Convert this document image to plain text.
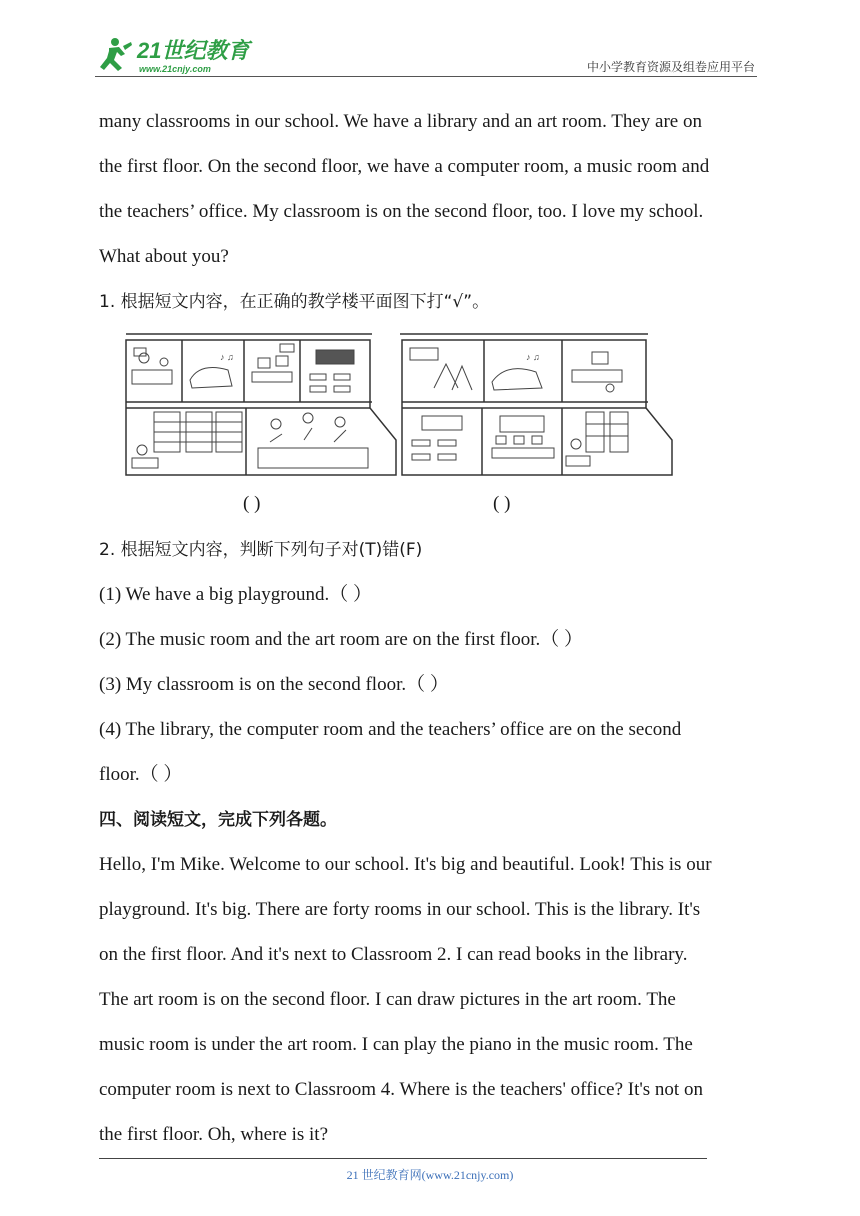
21世纪教育
www.21cnjy.com	中小学教育资源及组卷应用平台
many classrooms in our school. We have a library and an art room. They are on
the first floor. On the second floor, we have a computer room, a music room and
the teachers’ office. My classroom is on the second floor, too. I love my school.
What about you?
1. 根据短文内容，在正确的教学楼平面图下打“√”。
♪ ♫	♪ ♫
( )	( )
2. 根据短文内容，判断下列句子对(T)错(F)
(1) We have a big playground.（ ）
(2) The music room and the art room are on the first floor.（ ）
(3) My classroom is on the second floor.（ ）
(4) The library, the computer room and the teachers’ office are on the second
floor.（ ）
四、阅读短文，完成下列各题。
Hello, I'm Mike. Welcome to our school. It's big and beautiful. Look! This is our
playground. It's big. There are forty rooms in our school. This is the library. It's
on the first floor. And it's next to Classroom 2. I can read books in the library.
The art room is on the second floor. I can draw pictures in the art room. The
music room is under the art room. I can play the piano in the music room. The
computer room is next to Classroom 4. Where is the teachers' office? It's not on
the first floor. Oh, where is it?
21 世纪教育网(www.21cnjy.com)
